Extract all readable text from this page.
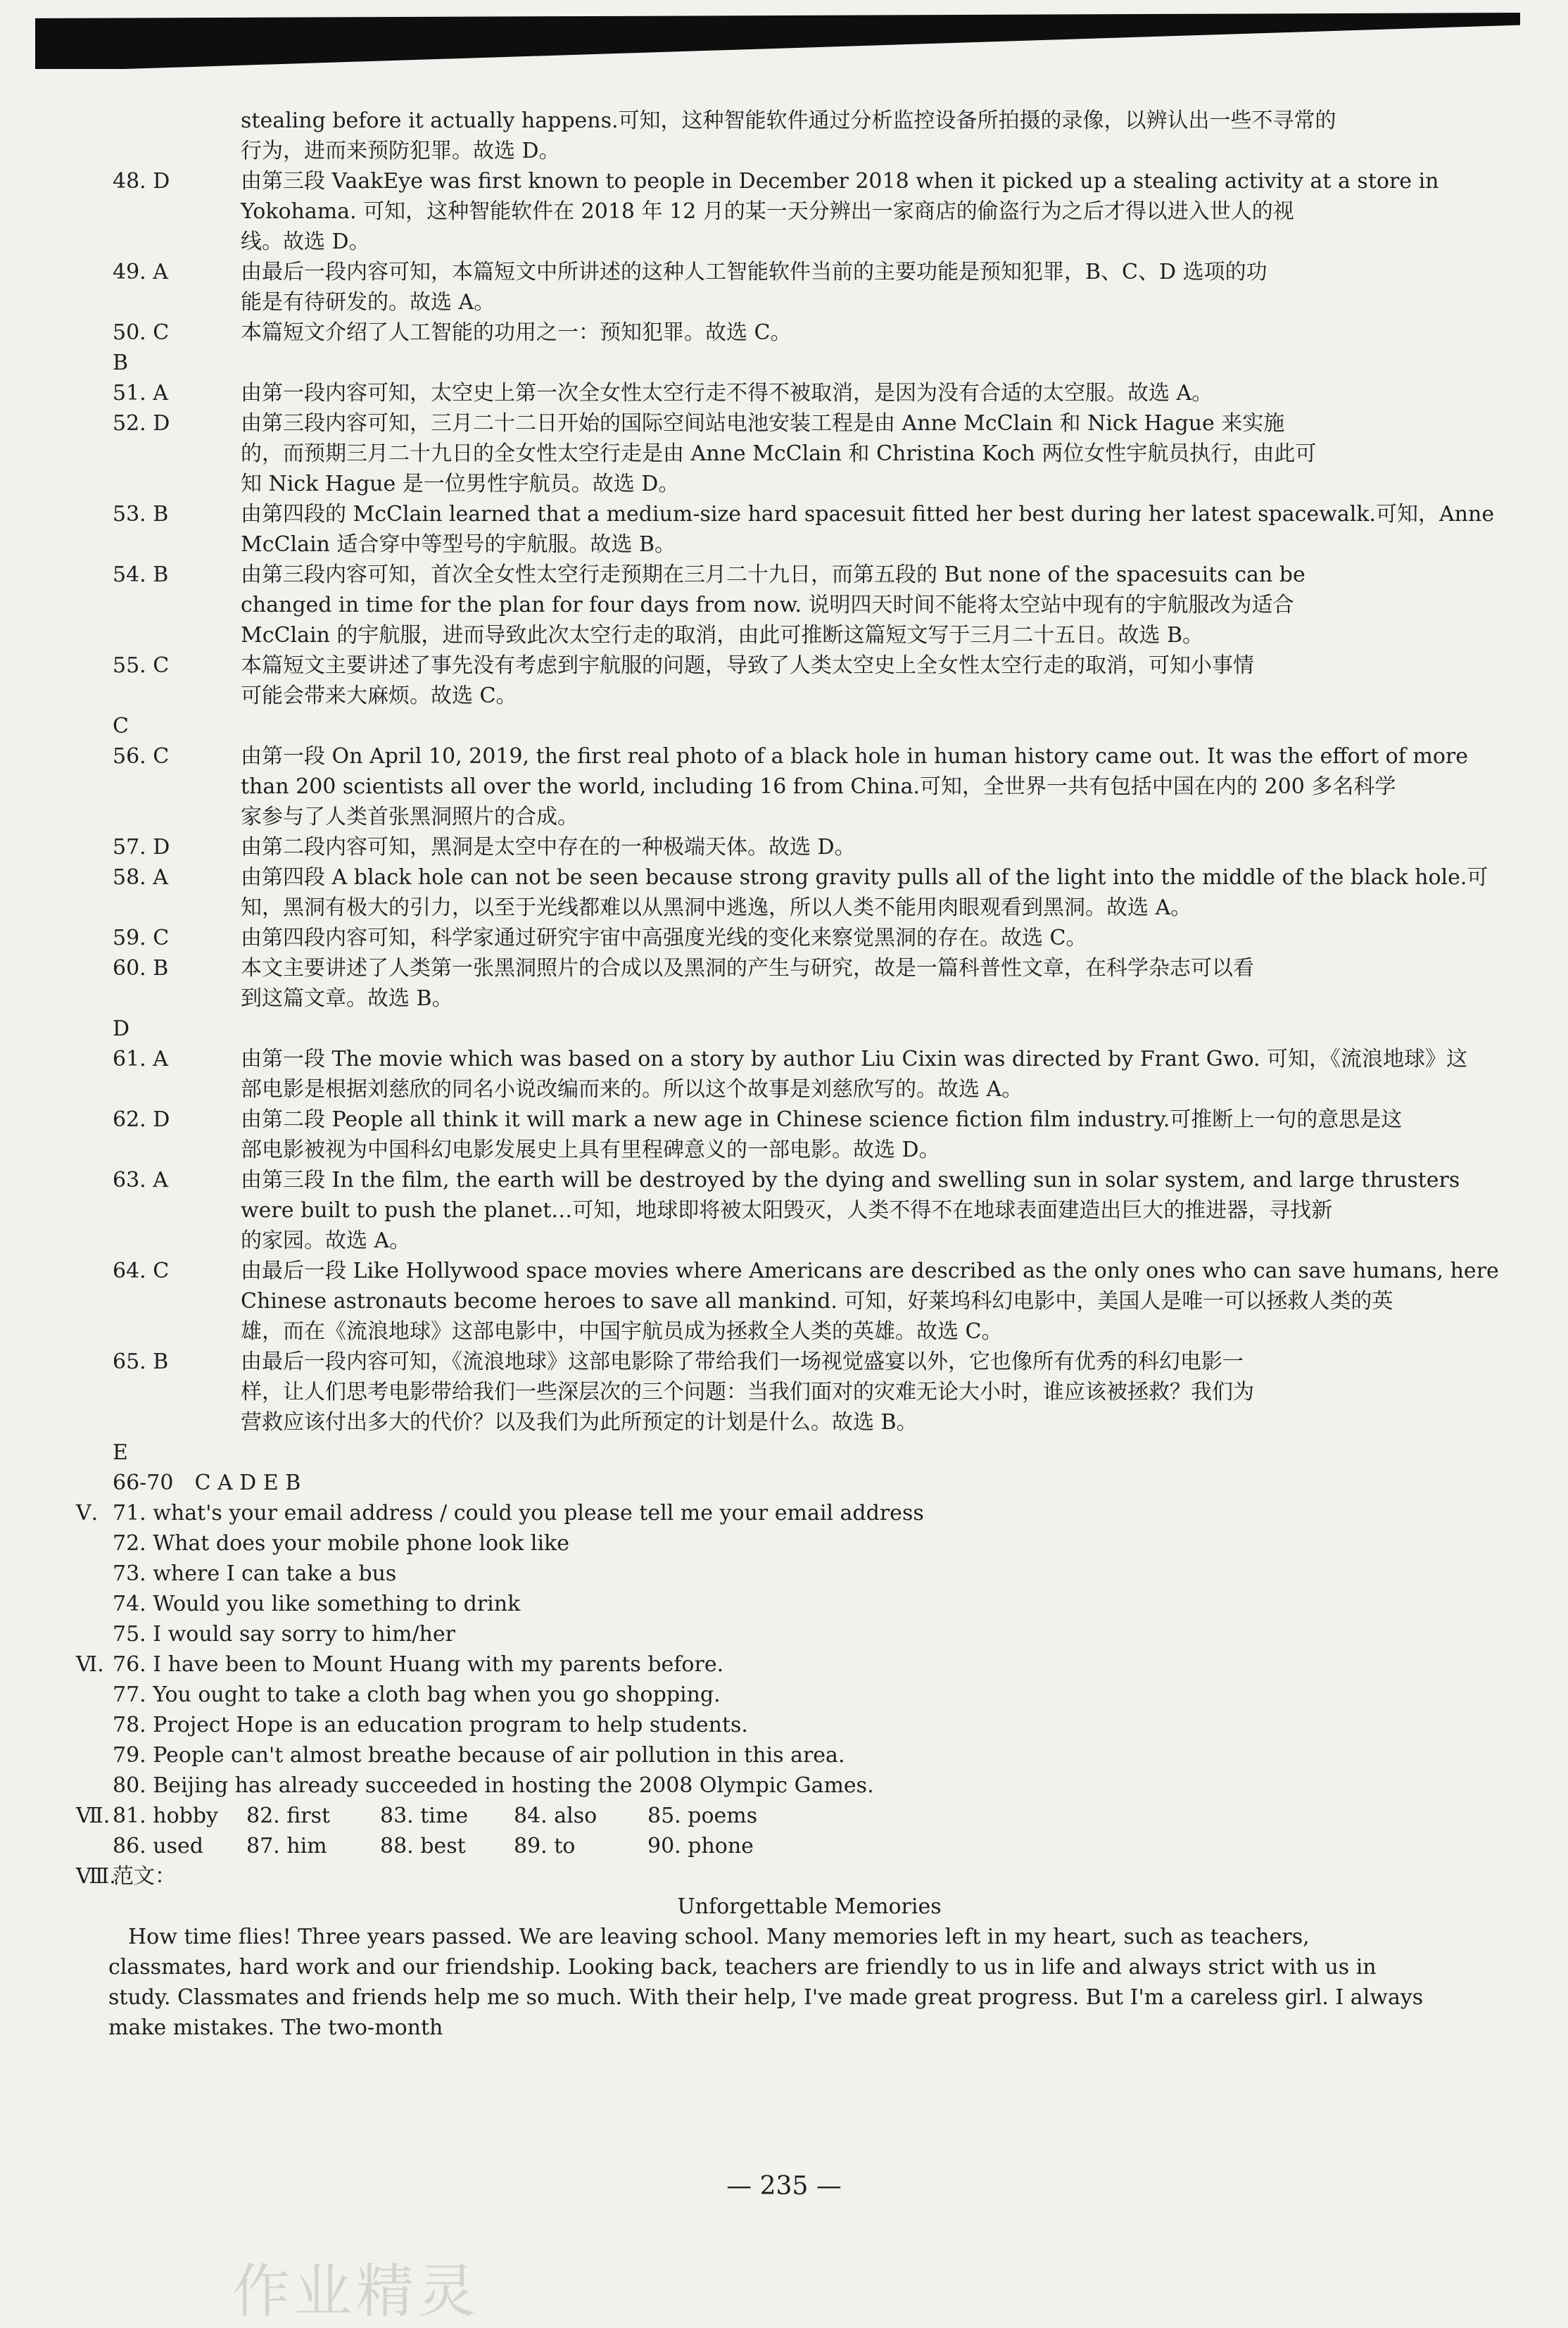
stealing before it actually happens.可知，这种智能软件通过分析监控设备所拍摄的录像，以辨认出一些不寻常的
行为，进而来预防犯罪。故选 D。
48. D	由第三段 VaakEye was first known to people in December 2018 when it picked up a stealing activity at a store in
Yokohama. 可知，这种智能软件在 2018 年 12 月的某一天分辨出一家商店的偷盗行为之后才得以进入世人的视
线。故选 D。
49. A	由最后一段内容可知，本篇短文中所讲述的这种人工智能软件当前的主要功能是预知犯罪，B、C、D 选项的功
能是有待研发的。故选 A。
50. C	本篇短文介绍了人工智能的功用之一：预知犯罪。故选 C。
B
51. A	由第一段内容可知，太空史上第一次全女性太空行走不得不被取消，是因为没有合适的太空服。故选 A。
52. D	由第三段内容可知，三月二十二日开始的国际空间站电池安装工程是由 Anne McClain 和 Nick Hague 来实施
的，而预期三月二十九日的全女性太空行走是由 Anne McClain 和 Christina Koch 两位女性宇航员执行，由此可
知 Nick Hague 是一位男性宇航员。故选 D。
53. B	由第四段的 McClain learned that a medium-size hard spacesuit fitted her best during her latest spacewalk.可知，Anne
McClain 适合穿中等型号的宇航服。故选 B。
54. B	由第三段内容可知，首次全女性太空行走预期在三月二十九日，而第五段的 But none of the spacesuits can be
changed in time for the plan for four days from now. 说明四天时间不能将太空站中现有的宇航服改为适合
McClain 的宇航服，进而导致此次太空行走的取消，由此可推断这篇短文写于三月二十五日。故选 B。
55. C	本篇短文主要讲述了事先没有考虑到宇航服的问题，导致了人类太空史上全女性太空行走的取消，可知小事情
可能会带来大麻烦。故选 C。
C
56. C	由第一段 On April 10, 2019, the first real photo of a black hole in human history came out. It was the effort of more
than 200 scientists all over the world, including 16 from China.可知，全世界一共有包括中国在内的 200 多名科学
家参与了人类首张黑洞照片的合成。
57. D	由第二段内容可知，黑洞是太空中存在的一种极端天体。故选 D。
58. A	由第四段 A black hole can not be seen because strong gravity pulls all of the light into the middle of the black hole.可
知，黑洞有极大的引力，以至于光线都难以从黑洞中逃逸，所以人类不能用肉眼观看到黑洞。故选 A。
59. C	由第四段内容可知，科学家通过研究宇宙中高强度光线的变化来察觉黑洞的存在。故选 C。
60. B	本文主要讲述了人类第一张黑洞照片的合成以及黑洞的产生与研究，故是一篇科普性文章，在科学杂志可以看
到这篇文章。故选 B。
D
61. A	由第一段 The movie which was based on a story by author Liu Cixin was directed by Frant Gwo. 可知，《流浪地球》这
部电影是根据刘慈欣的同名小说改编而来的。所以这个故事是刘慈欣写的。故选 A。
62. D	由第二段 People all think it will mark a new age in Chinese science fiction film industry.可推断上一句的意思是这
部电影被视为中国科幻电影发展史上具有里程碑意义的一部电影。故选 D。
63. A	由第三段 In the film, the earth will be destroyed by the dying and swelling sun in solar system, and large thrusters
were built to push the planet…可知，地球即将被太阳毁灭，人类不得不在地球表面建造出巨大的推进器，寻找新
的家园。故选 A。
64. C	由最后一段 Like Hollywood space movies where Americans are described as the only ones who can save humans, here
Chinese astronauts become heroes to save all mankind. 可知，好莱坞科幻电影中，美国人是唯一可以拯救人类的英
雄，而在《流浪地球》这部电影中，中国宇航员成为拯救全人类的英雄。故选 C。
65. B	由最后一段内容可知，《流浪地球》这部电影除了带给我们一场视觉盛宴以外，它也像所有优秀的科幻电影一
样，让人们思考电影带给我们一些深层次的三个问题：当我们面对的灾难无论大小时，谁应该被拯救？我们为
营救应该付出多大的代价？以及我们为此所预定的计划是什么。故选 B。
E
66-70　C A D E B
Ⅴ. 71. what's your email address / could you please tell me your email address
72. What does your mobile phone look like
73. where I can take a bus
74. Would you like something to drink
75. I would say sorry to him/her
Ⅵ. 76. I have been to Mount Huang with my parents before.
77. You ought to take a cloth bag when you go shopping.
78. Project Hope is an education program to help students.
79. People can't almost breathe because of air pollution in this area.
80. Beijing has already succeeded in hosting the 2008 Olympic Games.
Ⅶ. 81. hobby	82. first	83. time	84. also	85. poems
86. used	87. him	88. best	89. to	90. phone
Ⅷ.
范文：
Unforgettable Memories
How time flies! Three years passed. We are leaving school. Many memories left in my heart, such as teachers, classmates, hard work and our friendship. Looking back, teachers are friendly to us in life and always strict with us in study. Classmates and friends help me so much. With their help, I've made great progress. But I'm a careless girl. I always make mistakes. The two-month
— 235 —
作业精灵
